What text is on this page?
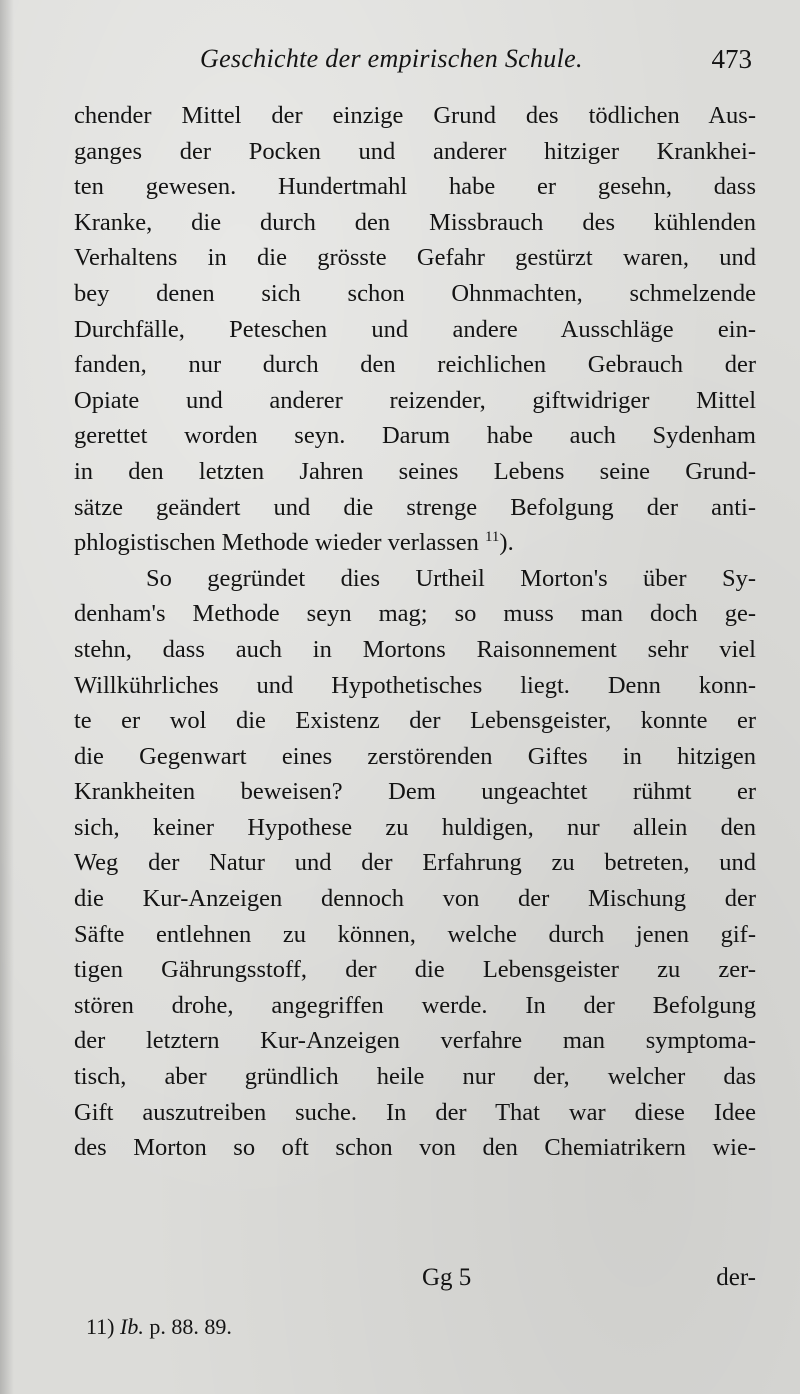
Geschichte der empirischen Schule.	473
chender Mittel der einzige Grund des tödlichen Aus-
ganges der Pocken und anderer hitziger Krankhei-
ten gewesen. Hundertmahl habe er gesehn, dass
Kranke, die durch den Missbrauch des kühlenden
Verhaltens in die grösste Gefahr gestürzt waren, und
bey denen sich schon Ohnmachten, schmelzende
Durchfälle, Peteschen und andere Ausschläge ein-
fanden, nur durch den reichlichen Gebrauch der
Opiate und anderer reizender, giftwidriger Mittel
gerettet worden seyn. Darum habe auch Sydenham
in den letzten Jahren seines Lebens seine Grund-
sätze geändert und die strenge Befolgung der anti-
phlogistischen Methode wieder verlassen $^{11}$).
So gegründet dies Urtheil Morton's über Sy-
denham's Methode seyn mag; so muss man doch ge-
stehn, dass auch in Mortons Raisonnement sehr viel
Willkührliches und Hypothetisches liegt. Denn konn-
te er wol die Existenz der Lebensgeister, konnte er
die Gegenwart eines zerstörenden Giftes in hitzigen
Krankheiten beweisen? Dem ungeachtet rühmt er
sich, keiner Hypothese zu huldigen, nur allein den
Weg der Natur und der Erfahrung zu betreten, und
die Kur-Anzeigen dennoch von der Mischung der
Säfte entlehnen zu können, welche durch jenen gif-
tigen Gährungsstoff, der die Lebensgeister zu zer-
stören drohe, angegriffen werde. In der Befolgung
der letztern Kur-Anzeigen verfahre man symptoma-
tisch, aber gründlich heile nur der, welcher das
Gift auszutreiben suche. In der That war diese Idee
des Morton so oft schon von den Chemiatrikern wie-
Gg 5	der-
11) Ib. p. 88. 89.
